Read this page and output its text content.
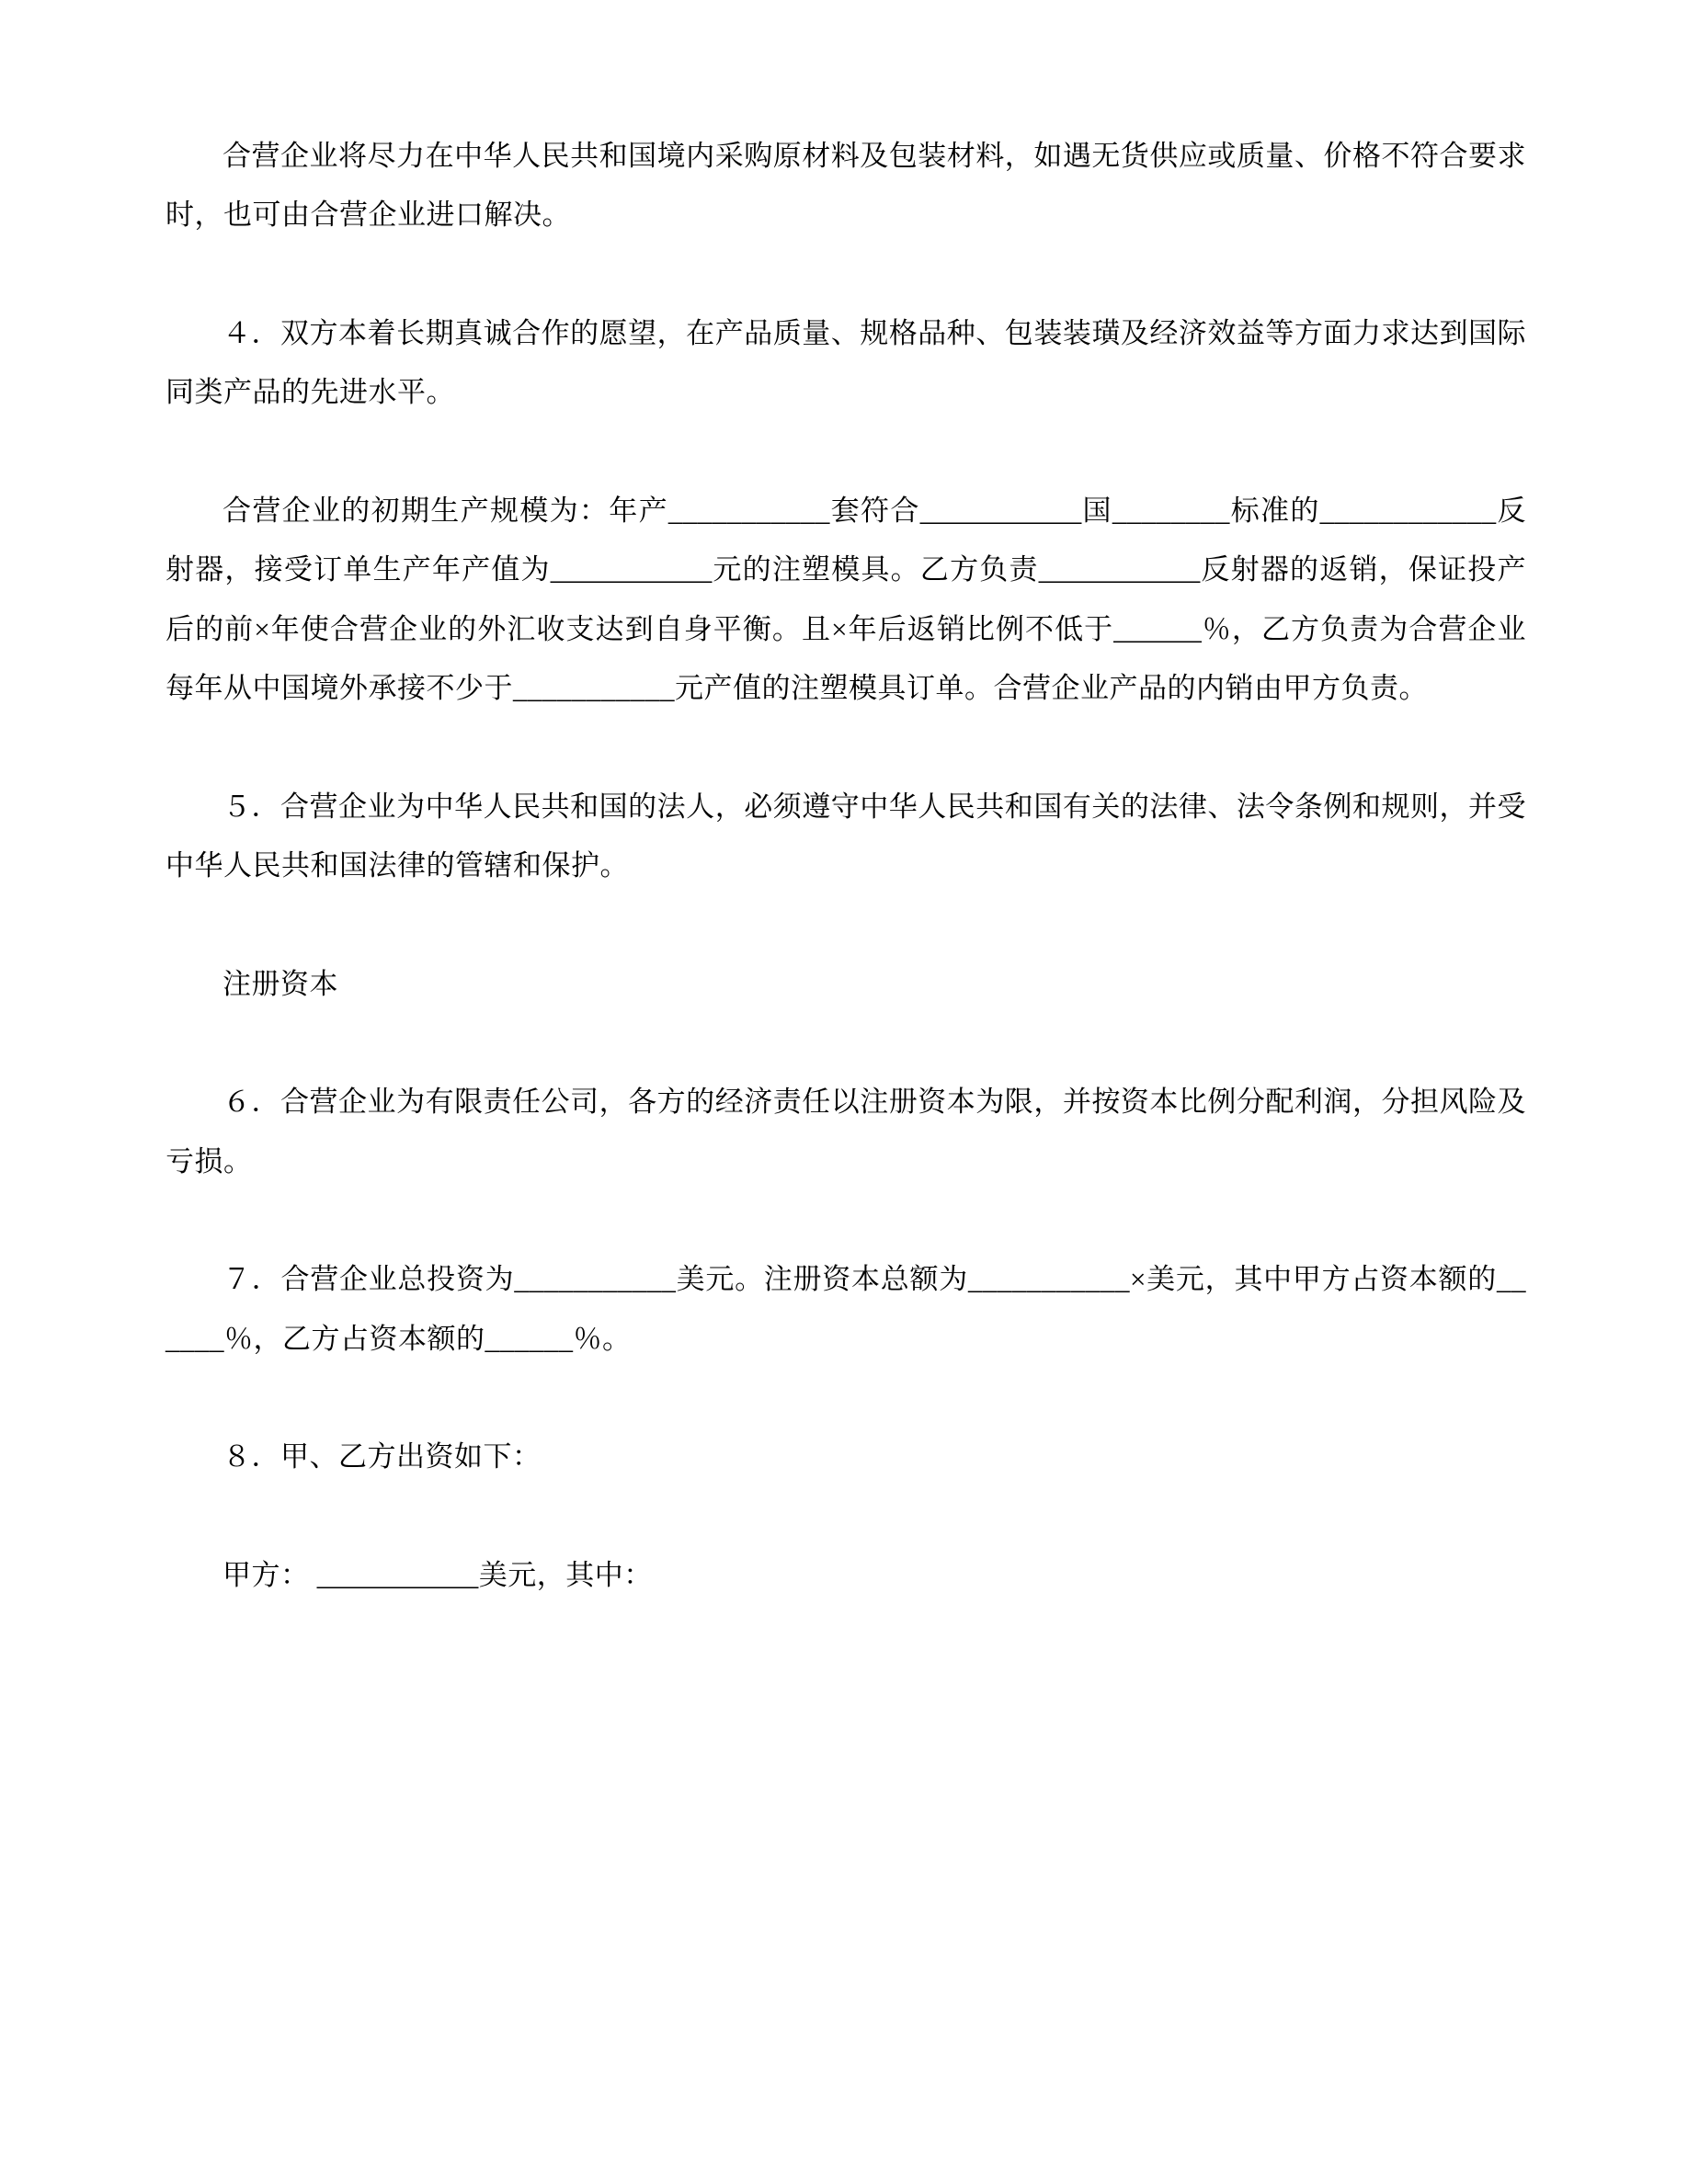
合营企业将尽力在中华人民共和国境内采购原材料及包装材料，如遇无货供应或质量、价格不符合要求时，也可由合营企业进口解决。

４．双方本着长期真诚合作的愿望，在产品质量、规格品种、包装装璜及经济效益等方面力求达到国际同类产品的先进水平。

合营企业的初期生产规模为：年产___________套符合___________国________标准的____________反射器，接受订单生产年产值为___________元的注塑模具。乙方负责___________反射器的返销，保证投产后的前×年使合营企业的外汇收支达到自身平衡。且×年后返销比例不低于______％，乙方负责为合营企业每年从中国境外承接不少于___________元产值的注塑模具订单。合营企业产品的内销由甲方负责。

５．合营企业为中华人民共和国的法人，必须遵守中华人民共和国有关的法律、法令条例和规则，并受中华人民共和国法律的管辖和保护。

注册资本

６．合营企业为有限责任公司，各方的经济责任以注册资本为限，并按资本比例分配利润，分担风险及亏损。

７．合营企业总投资为___________美元。注册资本总额为___________×美元，其中甲方占资本额的______％，乙方占资本额的______％。

８．甲、乙方出资如下：

甲方： ___________美元，其中：
